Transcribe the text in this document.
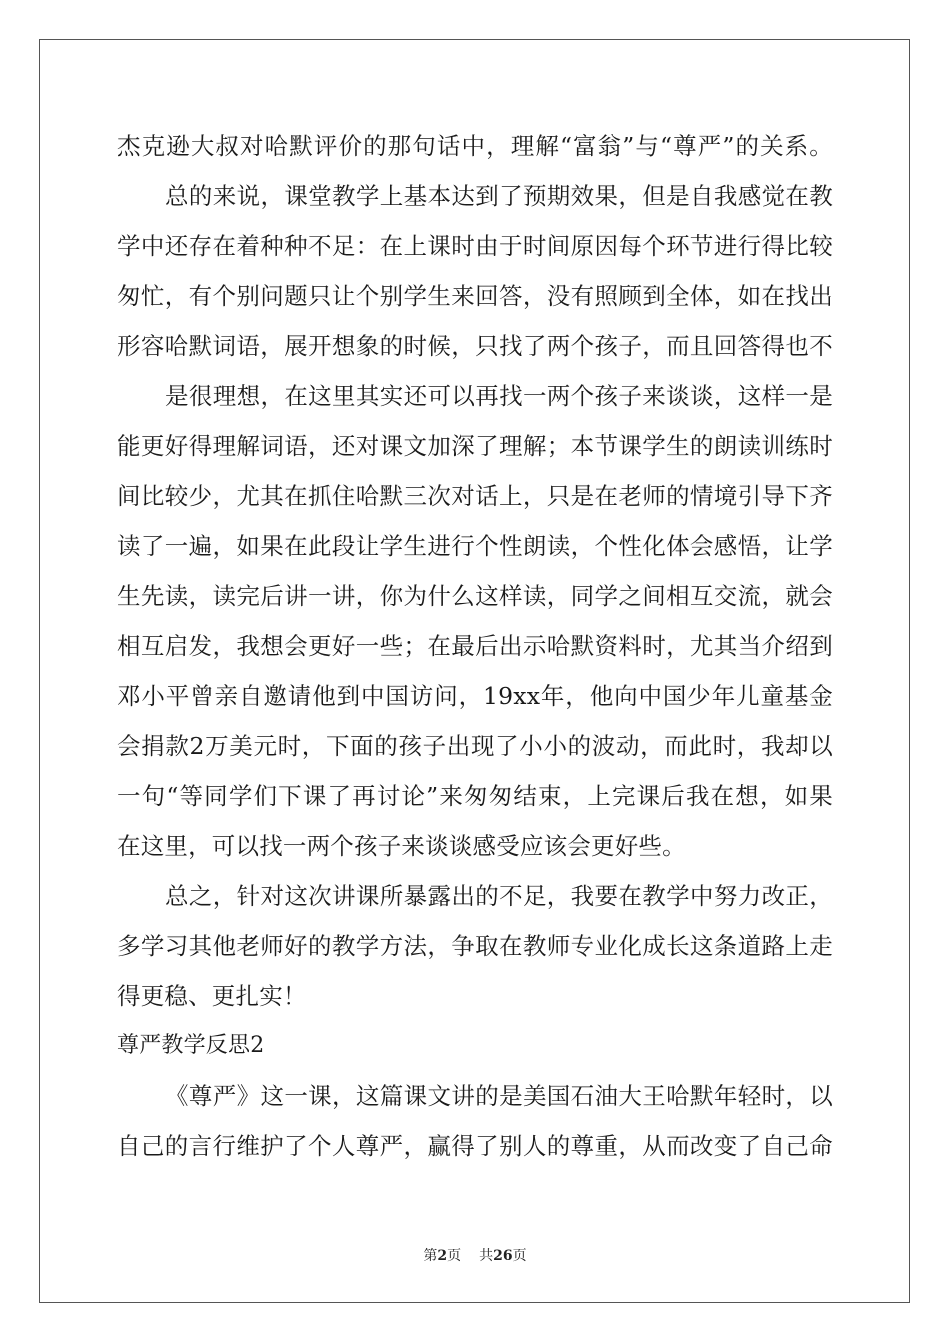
杰克逊大叔对哈默评价的那句话中，理解“富翁”与“尊严”的关系。
总的来说，课堂教学上基本达到了预期效果，但是自我感觉在教
学中还存在着种种不足：在上课时由于时间原因每个环节进行得比较
匆忙，有个别问题只让个别学生来回答，没有照顾到全体，如在找出
形容哈默词语，展开想象的时候，只找了两个孩子，而且回答得也不
是很理想，在这里其实还可以再找一两个孩子来谈谈，这样一是
能更好得理解词语，还对课文加深了理解；本节课学生的朗读训练时
间比较少，尤其在抓住哈默三次对话上，只是在老师的情境引导下齐
读了一遍，如果在此段让学生进行个性朗读，个性化体会感悟，让学
生先读，读完后讲一讲，你为什么这样读，同学之间相互交流，就会
相互启发，我想会更好一些；在最后出示哈默资料时，尤其当介绍到
邓小平曾亲自邀请他到中国访问，19xx年，他向中国少年儿童基金
会捐款2万美元时，下面的孩子出现了小小的波动，而此时，我却以
一句“等同学们下课了再讨论”来匆匆结束，上完课后我在想，如果
在这里，可以找一两个孩子来谈谈感受应该会更好些。
总之，针对这次讲课所暴露出的不足，我要在教学中努力改正，
多学习其他老师好的教学方法，争取在教师专业化成长这条道路上走
得更稳、更扎实！
尊严教学反思2
《尊严》这一课，这篇课文讲的是美国石油大王哈默年轻时，以
自己的言行维护了个人尊严，赢得了别人的尊重，从而改变了自己命
第2页 共26页
